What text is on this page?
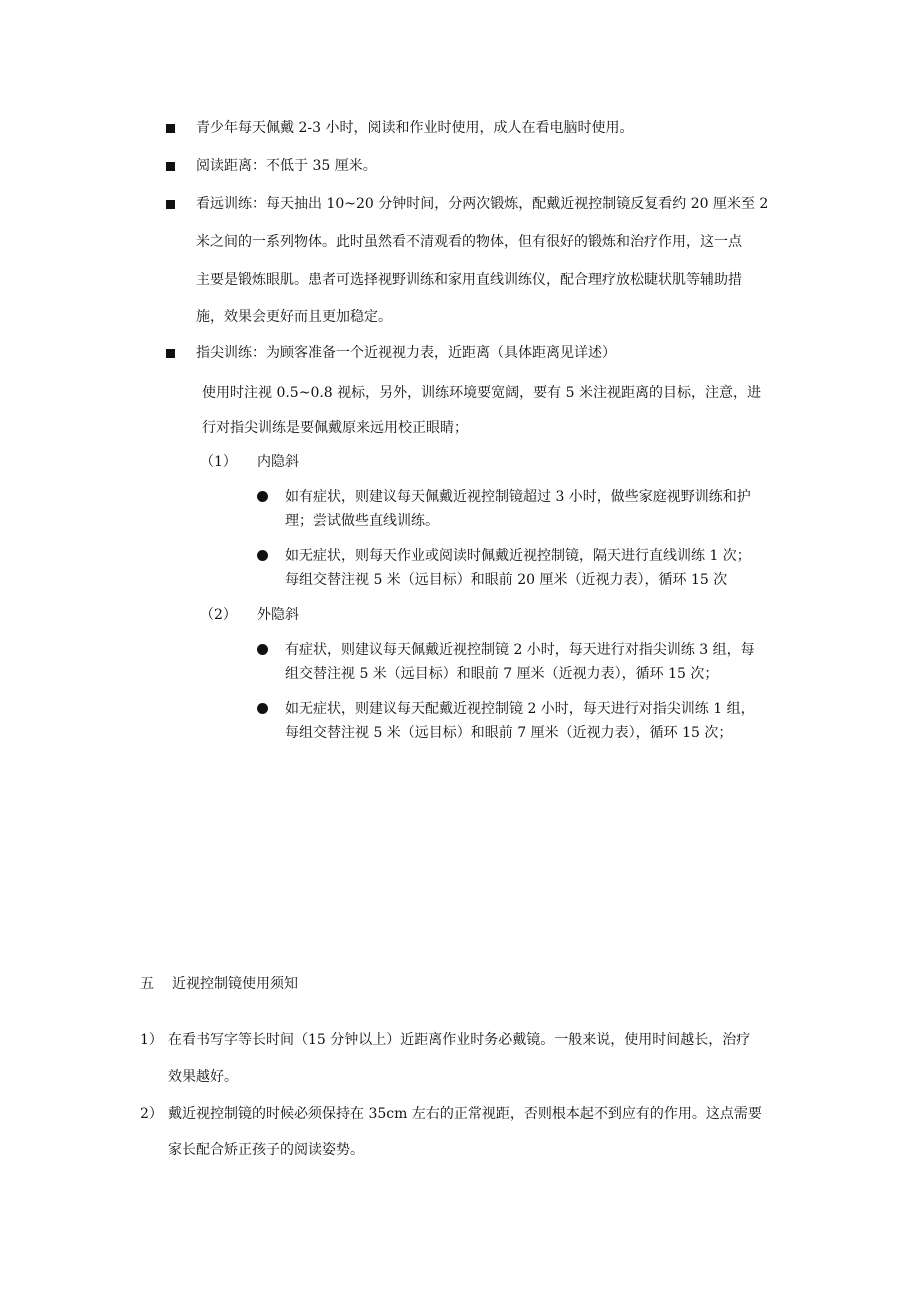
青少年每天佩戴 2-3 小时，阅读和作业时使用，成人在看电脑时使用。
阅读距离：不低于 35 厘米。
看远训练：每天抽出 10~20 分钟时间，分两次锻炼，配戴近视控制镜反复看约 20 厘米至 2
米之间的一系列物体。此时虽然看不清观看的物体，但有很好的锻炼和治疗作用，这一点
主要是锻炼眼肌。患者可选择视野训练和家用直线训练仪，配合理疗放松睫状肌等辅助措
施，效果会更好而且更加稳定。
指尖训练：为顾客准备一个近视视力表，近距离（具体距离见详述）
使用时注视 0.5~0.8 视标，另外，训练环境要宽阔，要有 5 米注视距离的目标，注意，进
行对指尖训练是要佩戴原来远用校正眼睛；
（1） 内隐斜
如有症状，则建议每天佩戴近视控制镜超过 3 小时，做些家庭视野训练和护
理；尝试做些直线训练。
如无症状，则每天作业或阅读时佩戴近视控制镜，隔天进行直线训练 1 次；
每组交替注视 5 米（远目标）和眼前 20 厘米（近视力表），循环 15 次
（2） 外隐斜
有症状，则建议每天佩戴近视控制镜 2 小时，每天进行对指尖训练 3 组，每
组交替注视 5 米（远目标）和眼前 7 厘米（近视力表），循环 15 次；
如无症状，则建议每天配戴近视控制镜 2 小时，每天进行对指尖训练 1 组，
每组交替注视 5 米（远目标）和眼前 7 厘米（近视力表），循环 15 次；
五 近视控制镜使用须知
1） 在看书写字等长时间（15 分钟以上）近距离作业时务必戴镜。一般来说，使用时间越长，治疗
效果越好。
2） 戴近视控制镜的时候必须保持在 35cm 左右的正常视距，否则根本起不到应有的作用。这点需要
家长配合矫正孩子的阅读姿势。
